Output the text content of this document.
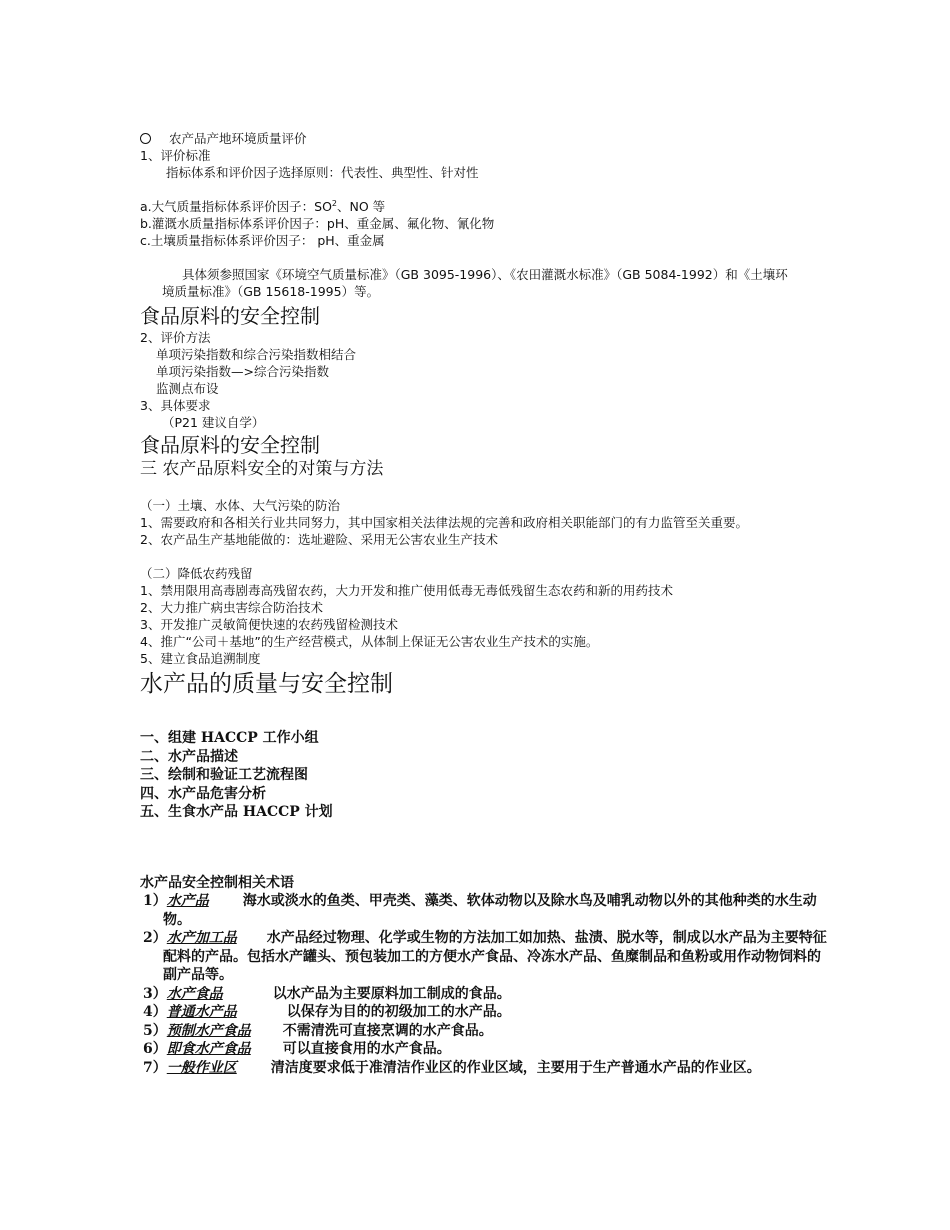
农产品产地环境质量评价
1、评价标准
指标体系和评价因子选择原则：代表性、典型性、针对性
a.大气质量指标体系评价因子：$SO^2$、NO 等
b.灌溉水质量指标体系评价因子：pH、重金属、氟化物、氰化物
c.土壤质量指标体系评价因子： pH、重金属
具体须参照国家《环境空气质量标准》（GB 3095-1996）、《农田灌溉水标准》（GB 5084-1992）和《土壤环境质量标准》（GB 15618-1995）等。
食品原料的安全控制
2、评价方法
单项污染指数和综合污染指数相结合
单项污染指数—>综合污染指数
监测点布设
3、具体要求
（P21 建议自学）
食品原料的安全控制
三 农产品原料安全的对策与方法
（一）土壤、水体、大气污染的防治
1、需要政府和各相关行业共同努力，其中国家相关法律法规的完善和政府相关职能部门的有力监管至关重要。
2、农产品生产基地能做的：选址避险、采用无公害农业生产技术
（二）降低农药残留
1、禁用限用高毒剧毒高残留农药，大力开发和推广使用低毒无毒低残留生态农药和新的用药技术
2、大力推广病虫害综合防治技术
3、开发推广灵敏简便快速的农药残留检测技术
4、推广“公司＋基地”的生产经营模式，从体制上保证无公害农业生产技术的实施。
5、建立食品追溯制度
水产品的质量与安全控制
一、组建 HACCP 工作小组
二、水产品描述
三、绘制和验证工艺流程图
四、水产品危害分析
五、生食水产品 HACCP 计划
水产品安全控制相关术语
1）水产品 海水或淡水的鱼类、甲壳类、藻类、软体动物以及除水鸟及哺乳动物以外的其他种类的水生动物。
2）水产加工品 水产品经过物理、化学或生物的方法加工如加热、盐渍、脱水等，制成以水产品为主要特征配料的产品。包括水产罐头、预包装加工的方便水产食品、冷冻水产品、鱼糜制品和鱼粉或用作动物饲料的副产品等。
3）水产食品	以水产品为主要原料加工制成的食品。
4）普通水产品	以保存为目的的初级加工的水产品。
5）预制水产食品 不需清洗可直接烹调的水产食品。
6）即食水产食品 可以直接食用的水产食品。
7）一般作业区 清洁度要求低于准清洁作业区的作业区域，主要用于生产普通水产品的作业区。
